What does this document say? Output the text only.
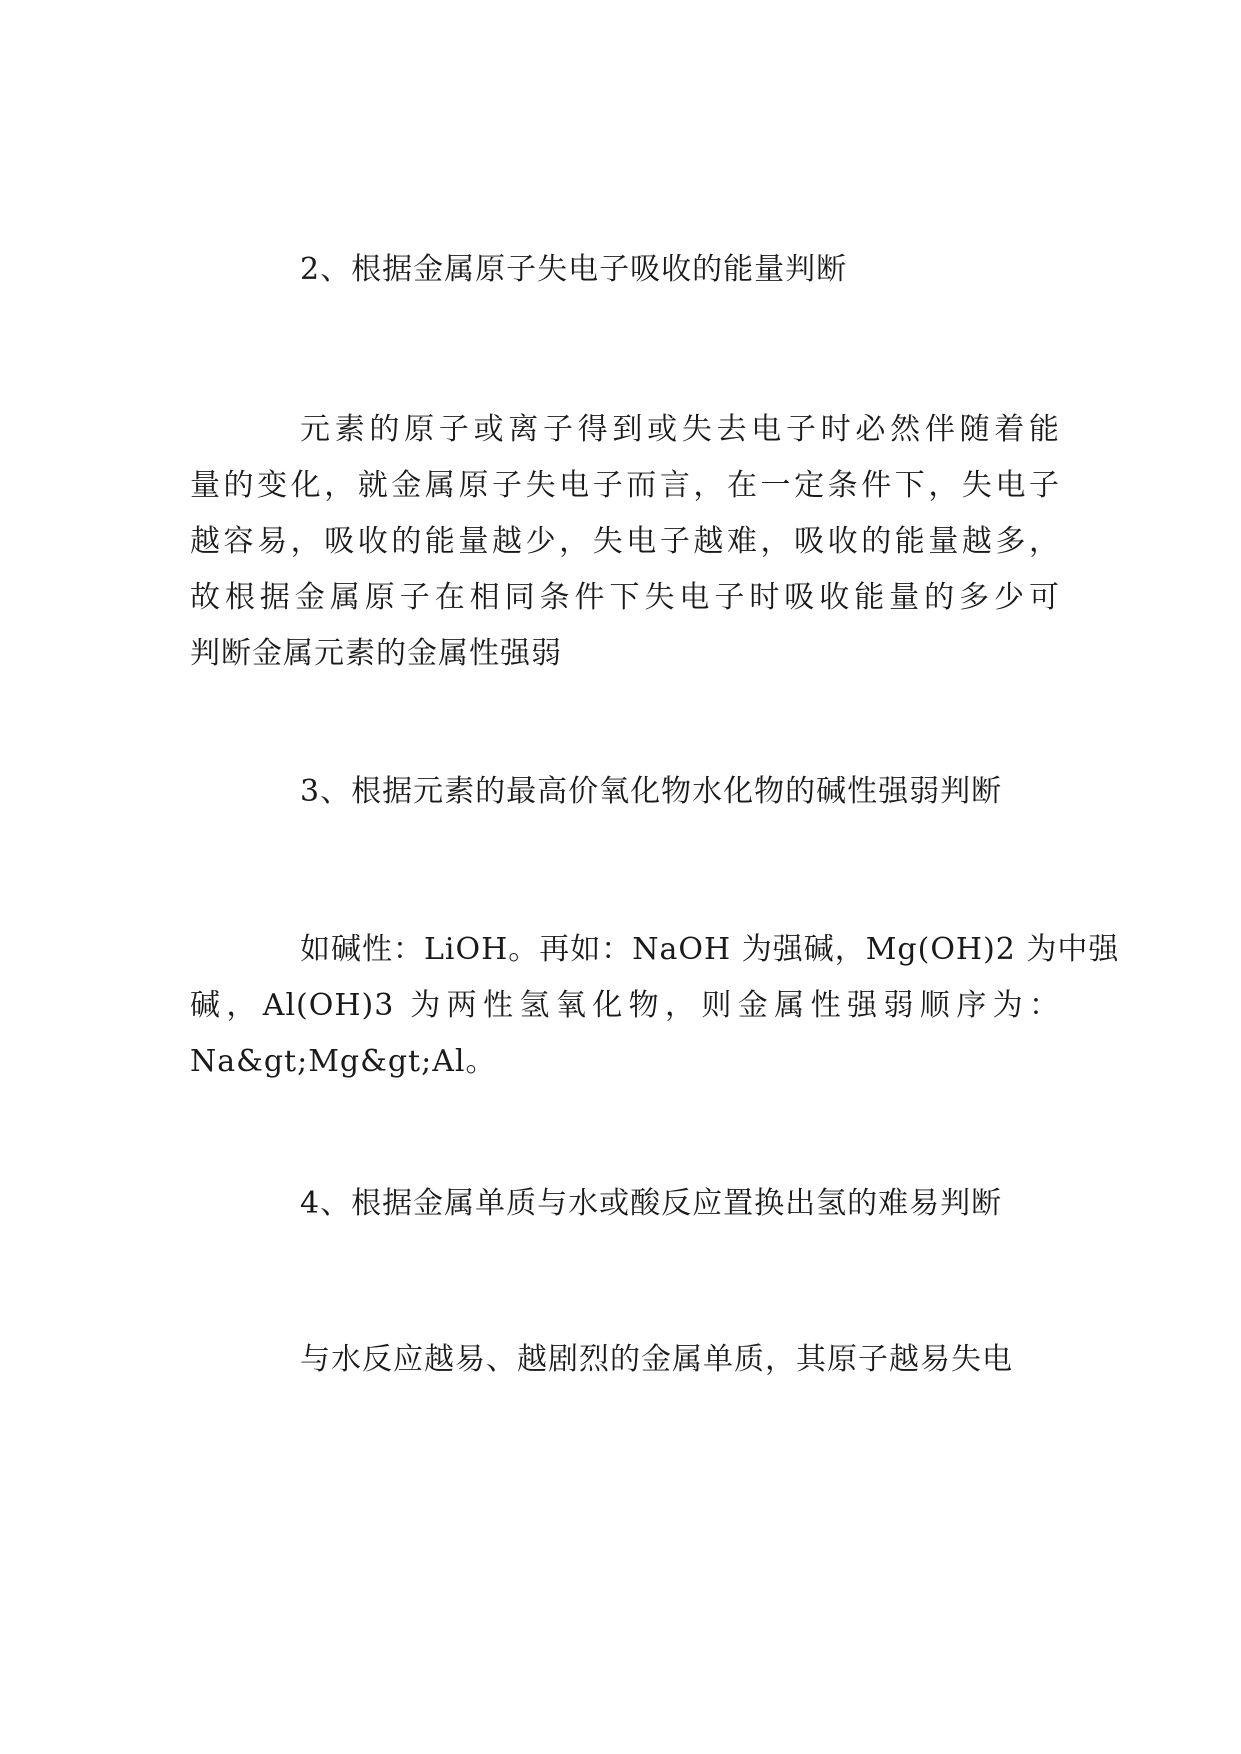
2、根据金属原子失电子吸收的能量判断
元素的原子或离子得到或失去电子时必然伴随着能
量的变化，就金属原子失电子而言，在一定条件下，失电子
越容易，吸收的能量越少，失电子越难，吸收的能量越多，
故根据金属原子在相同条件下失电子时吸收能量的多少可
判断金属元素的金属性强弱
3、根据元素的最高价氧化物水化物的碱性强弱判断
如碱性：LiOH。再如：NaOH 为强碱，Mg(OH)2 为中强
碱，Al(OH)3 为两性氢氧化物，则金属性强弱顺序为：
Na&gt;Mg&gt;Al。
4、根据金属单质与水或酸反应置换出氢的难易判断
与水反应越易、越剧烈的金属单质，其原子越易失电
